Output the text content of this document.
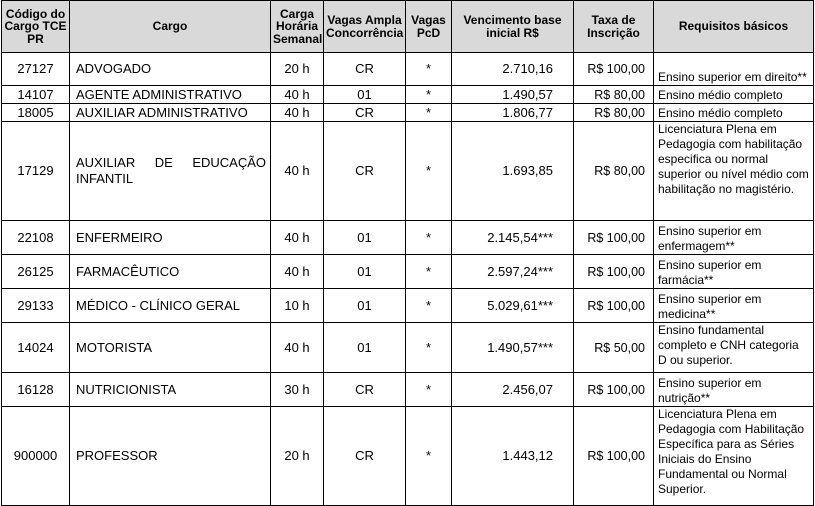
Código do Cargo TCE PR	Cargo	Carga Horária Semanal	Vagas Ampla Concorrência	Vagas PcD	Vencimento base inicial R$	Taxa de Inscrição	Requisitos básicos
27127	ADVOGADO	20 h	CR	*	2.710,16	R$ 100,00	Ensino superior em direito**
14107	AGENTE ADMINISTRATIVO	40 h	01	*	1.490,57	R$ 80,00	Ensino médio completo
18005	AUXILIAR ADMINISTRATIVO	40 h	CR	*	1.806,77	R$ 80,00	Ensino médio completo
17129	AUXILIAR DE EDUCAÇÃO INFANTIL	40 h	CR	*	1.693,85	R$ 80,00	Licenciatura Plena em Pedagogia com habilitação especifica ou normal superior ou nível médio com habilitação no magistério.
22108	ENFERMEIRO	40 h	01	*	2.145,54***	R$ 100,00	Ensino superior em enfermagem**
26125	FARMACÊUTICO	40 h	01	*	2.597,24***	R$ 100,00	Ensino superior em farmácia**
29133	MÉDICO - CLÍNICO GERAL	10 h	01	*	5.029,61***	R$ 100,00	Ensino superior em medicina**
14024	MOTORISTA	40 h	01	*	1.490,57***	R$ 50,00	Ensino fundamental completo e CNH categoria D ou superior.
16128	NUTRICIONISTA	30 h	CR	*	2.456,07	R$ 100,00	Ensino superior em nutrição**
900000	PROFESSOR	20 h	CR	*	1.443,12	R$ 100,00	Licenciatura Plena em Pedagogia com Habilitação Específica para as Séries Iniciais do Ensino Fundamental ou Normal Superior.
